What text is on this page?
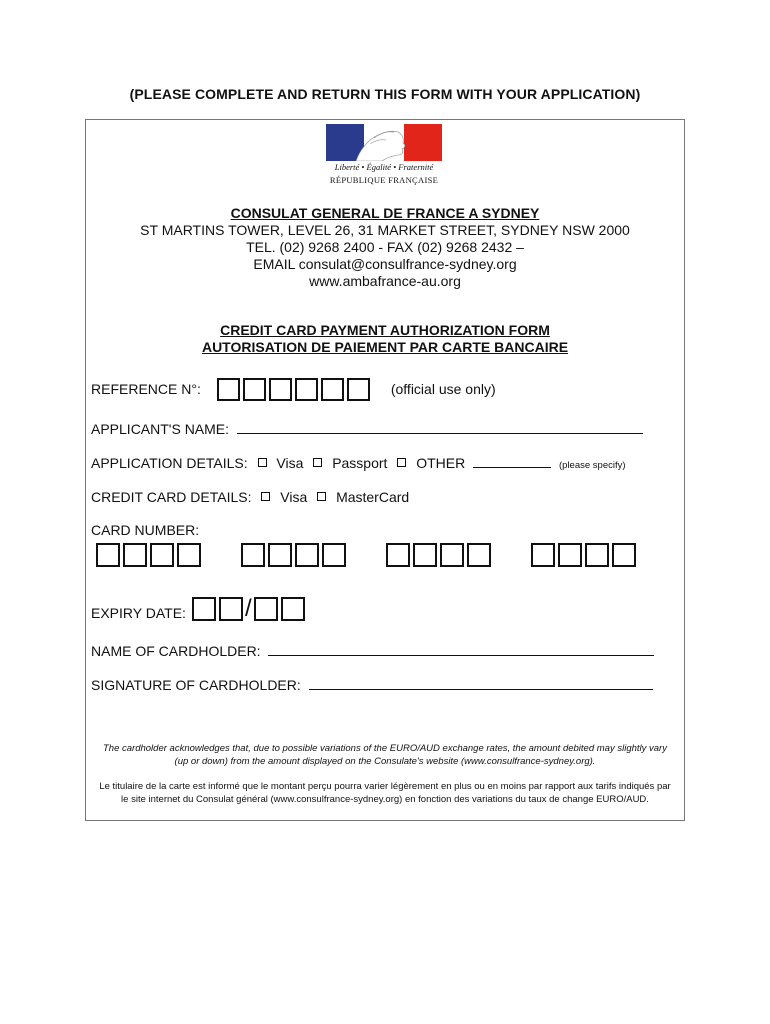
(PLEASE COMPLETE AND RETURN THIS FORM WITH YOUR APPLICATION)
Liberté • Égalité • Fraternité
RÉPUBLIQUE FRANÇAISE
CONSULAT GENERAL DE FRANCE A SYDNEY
ST MARTINS TOWER, LEVEL 26, 31 MARKET STREET, SYDNEY NSW 2000
TEL. (02) 9268 2400 - FAX (02) 9268 2432 –
EMAIL consulat@consulfrance-sydney.org
www.ambafrance-au.org
CREDIT CARD PAYMENT AUTHORIZATION FORM
AUTORISATION DE PAIEMENT PAR CARTE BANCAIRE
REFERENCE N°:	(official use only)
APPLICANT'S NAME:
APPLICATION DETAILS: Visa Passport OTHER	(please specify)
CREDIT CARD DETAILS: Visa MasterCard
CARD NUMBER:
EXPIRY DATE: /
NAME OF CARDHOLDER:
SIGNATURE OF CARDHOLDER:
The cardholder acknowledges that, due to possible variations of the EURO/AUD exchange rates, the amount debited may slightly vary (up or down) from the amount displayed on the Consulate's website (www.consulfrance-sydney.org).
Le titulaire de la carte est informé que le montant perçu pourra varier légèrement en plus ou en moins par rapport aux tarifs indiqués par le site internet du Consulat général (www.consulfrance-sydney.org) en fonction des variations du taux de change EURO/AUD.
